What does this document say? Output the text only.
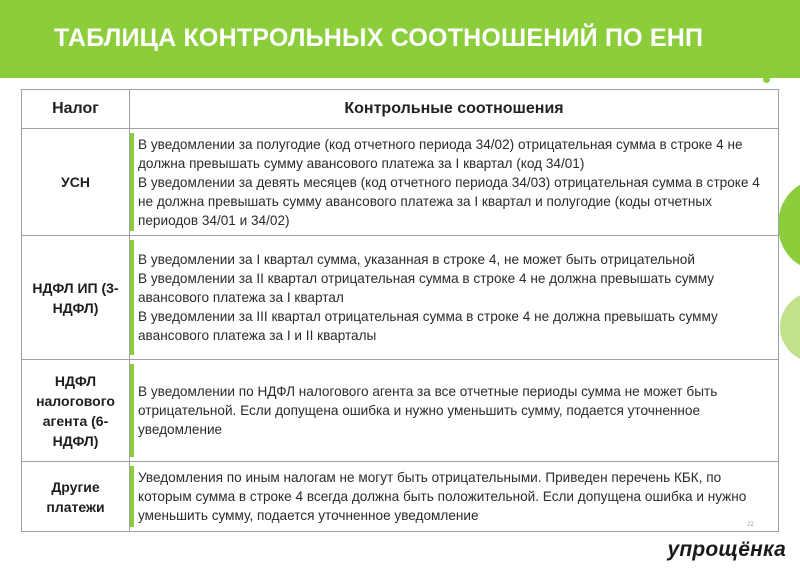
ТАБЛИЦА КОНТРОЛЬНЫХ СООТНОШЕНИЙ ПО ЕНП
Налог	Контрольные соотношения
УСН	В уведомлении за полугодие (код отчетного периода 34/02) отрицательная сумма в строке 4 не должна превышать сумму авансового платежа за I квартал (код 34/01)
В уведомлении за девять месяцев (код отчетного периода 34/03) отрицательная сумма в строке 4 не должна превышать сумму авансового платежа за I квартал и полугодие (коды отчетных периодов 34/01 и 34/02)

НДФЛ ИП (3-НДФЛ)	В уведомлении за I квартал сумма, указанная в строке 4, не может быть отрицательной
В уведомлении за II квартал отрицательная сумма в строке 4 не должна превышать сумму авансового платежа за I квартал
В уведомлении за III квартал отрицательная сумма в строке 4 не должна превышать сумму авансового платежа за I и II кварталы

НДФЛ налогового агента (6-НДФЛ)	В уведомлении по НДФЛ налогового агента за все отчетные периоды сумма не может быть отрицательной. Если допущена ошибка и нужно уменьшить сумму, подается уточненное уведомление

Другие платежи	Уведомления по иным налогам не могут быть отрицательными. Приведен перечень КБК, по которым сумма в строке 4 всегда должна быть положительной. Если допущена ошибка и нужно уменьшить сумму, подается уточненное уведомление
22
упрощёнка
